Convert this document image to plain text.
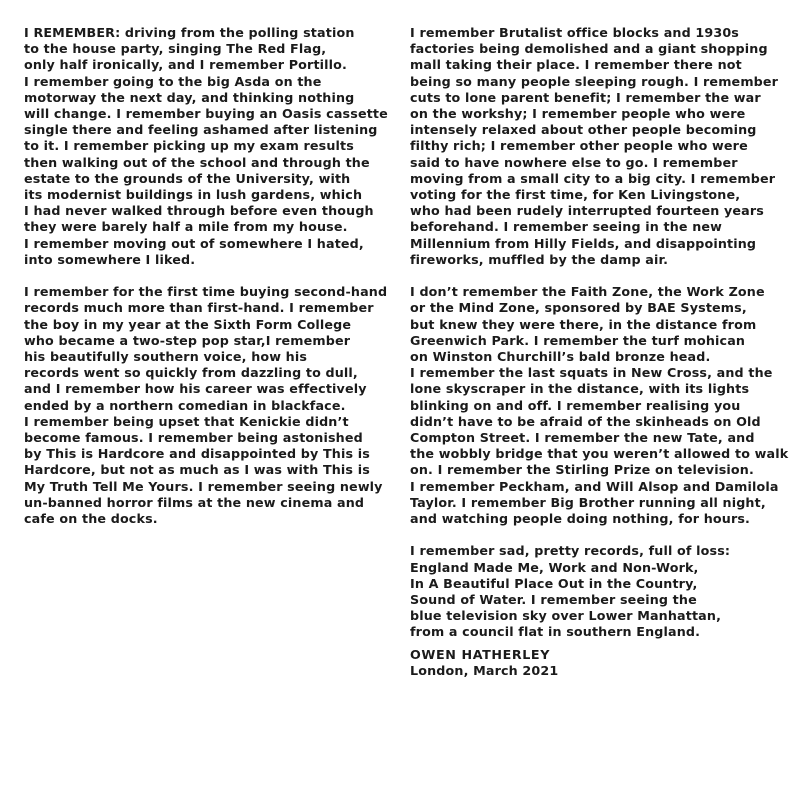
I REMEMBER: driving from the polling station
to the house party, singing The Red Flag,
only half ironically, and I remember Portillo.
I remember going to the big Asda on the
motorway the next day, and thinking nothing
will change. I remember buying an Oasis cassette
single there and feeling ashamed after listening
to it. I remember picking up my exam results
then walking out of the school and through the
estate to the grounds of the University, with
its modernist buildings in lush gardens, which
I had never walked through before even though
they were barely half a mile from my house.
I remember moving out of somewhere I hated,
into somewhere I liked.

I remember for the first time buying second-hand
records much more than first-hand. I remember
the boy in my year at the Sixth Form College
who became a two-step pop star,I remember
his beautifully southern voice, how his
records went so quickly from dazzling to dull,
and I remember how his career was effectively
ended by a northern comedian in blackface.
I remember being upset that Kenickie didn’t
become famous. I remember being astonished
by This is Hardcore and disappointed by This is
Hardcore, but not as much as I was with This is
My Truth Tell Me Yours. I remember seeing newly
un-banned horror films at the new cinema and
cafe on the docks.

I remember Brutalist office blocks and 1930s
factories being demolished and a giant shopping
mall taking their place. I remember there not
being so many people sleeping rough. I remember
cuts to lone parent benefit; I remember the war
on the workshy; I remember people who were
intensely relaxed about other people becoming
filthy rich; I remember other people who were
said to have nowhere else to go. I remember
moving from a small city to a big city. I remember
voting for the first time, for Ken Livingstone,
who had been rudely interrupted fourteen years
beforehand. I remember seeing in the new
Millennium from Hilly Fields, and disappointing
fireworks, muffled by the damp air.

I don’t remember the Faith Zone, the Work Zone
or the Mind Zone, sponsored by BAE Systems,
but knew they were there, in the distance from
Greenwich Park. I remember the turf mohican
on Winston Churchill’s bald bronze head.
I remember the last squats in New Cross, and the
lone skyscraper in the distance, with its lights
blinking on and off. I remember realising you
didn’t have to be afraid of the skinheads on Old
Compton Street. I remember the new Tate, and
the wobbly bridge that you weren’t allowed to walk
on. I remember the Stirling Prize on television.
I remember Peckham, and Will Alsop and Damilola
Taylor. I remember Big Brother running all night,
and watching people doing nothing, for hours.

I remember sad, pretty records, full of loss:
England Made Me, Work and Non-Work,
In A Beautiful Place Out in the Country,
Sound of Water. I remember seeing the
blue television sky over Lower Manhattan,
from a council flat in southern England.

OWEN HATHERLEY
London, March 2021
